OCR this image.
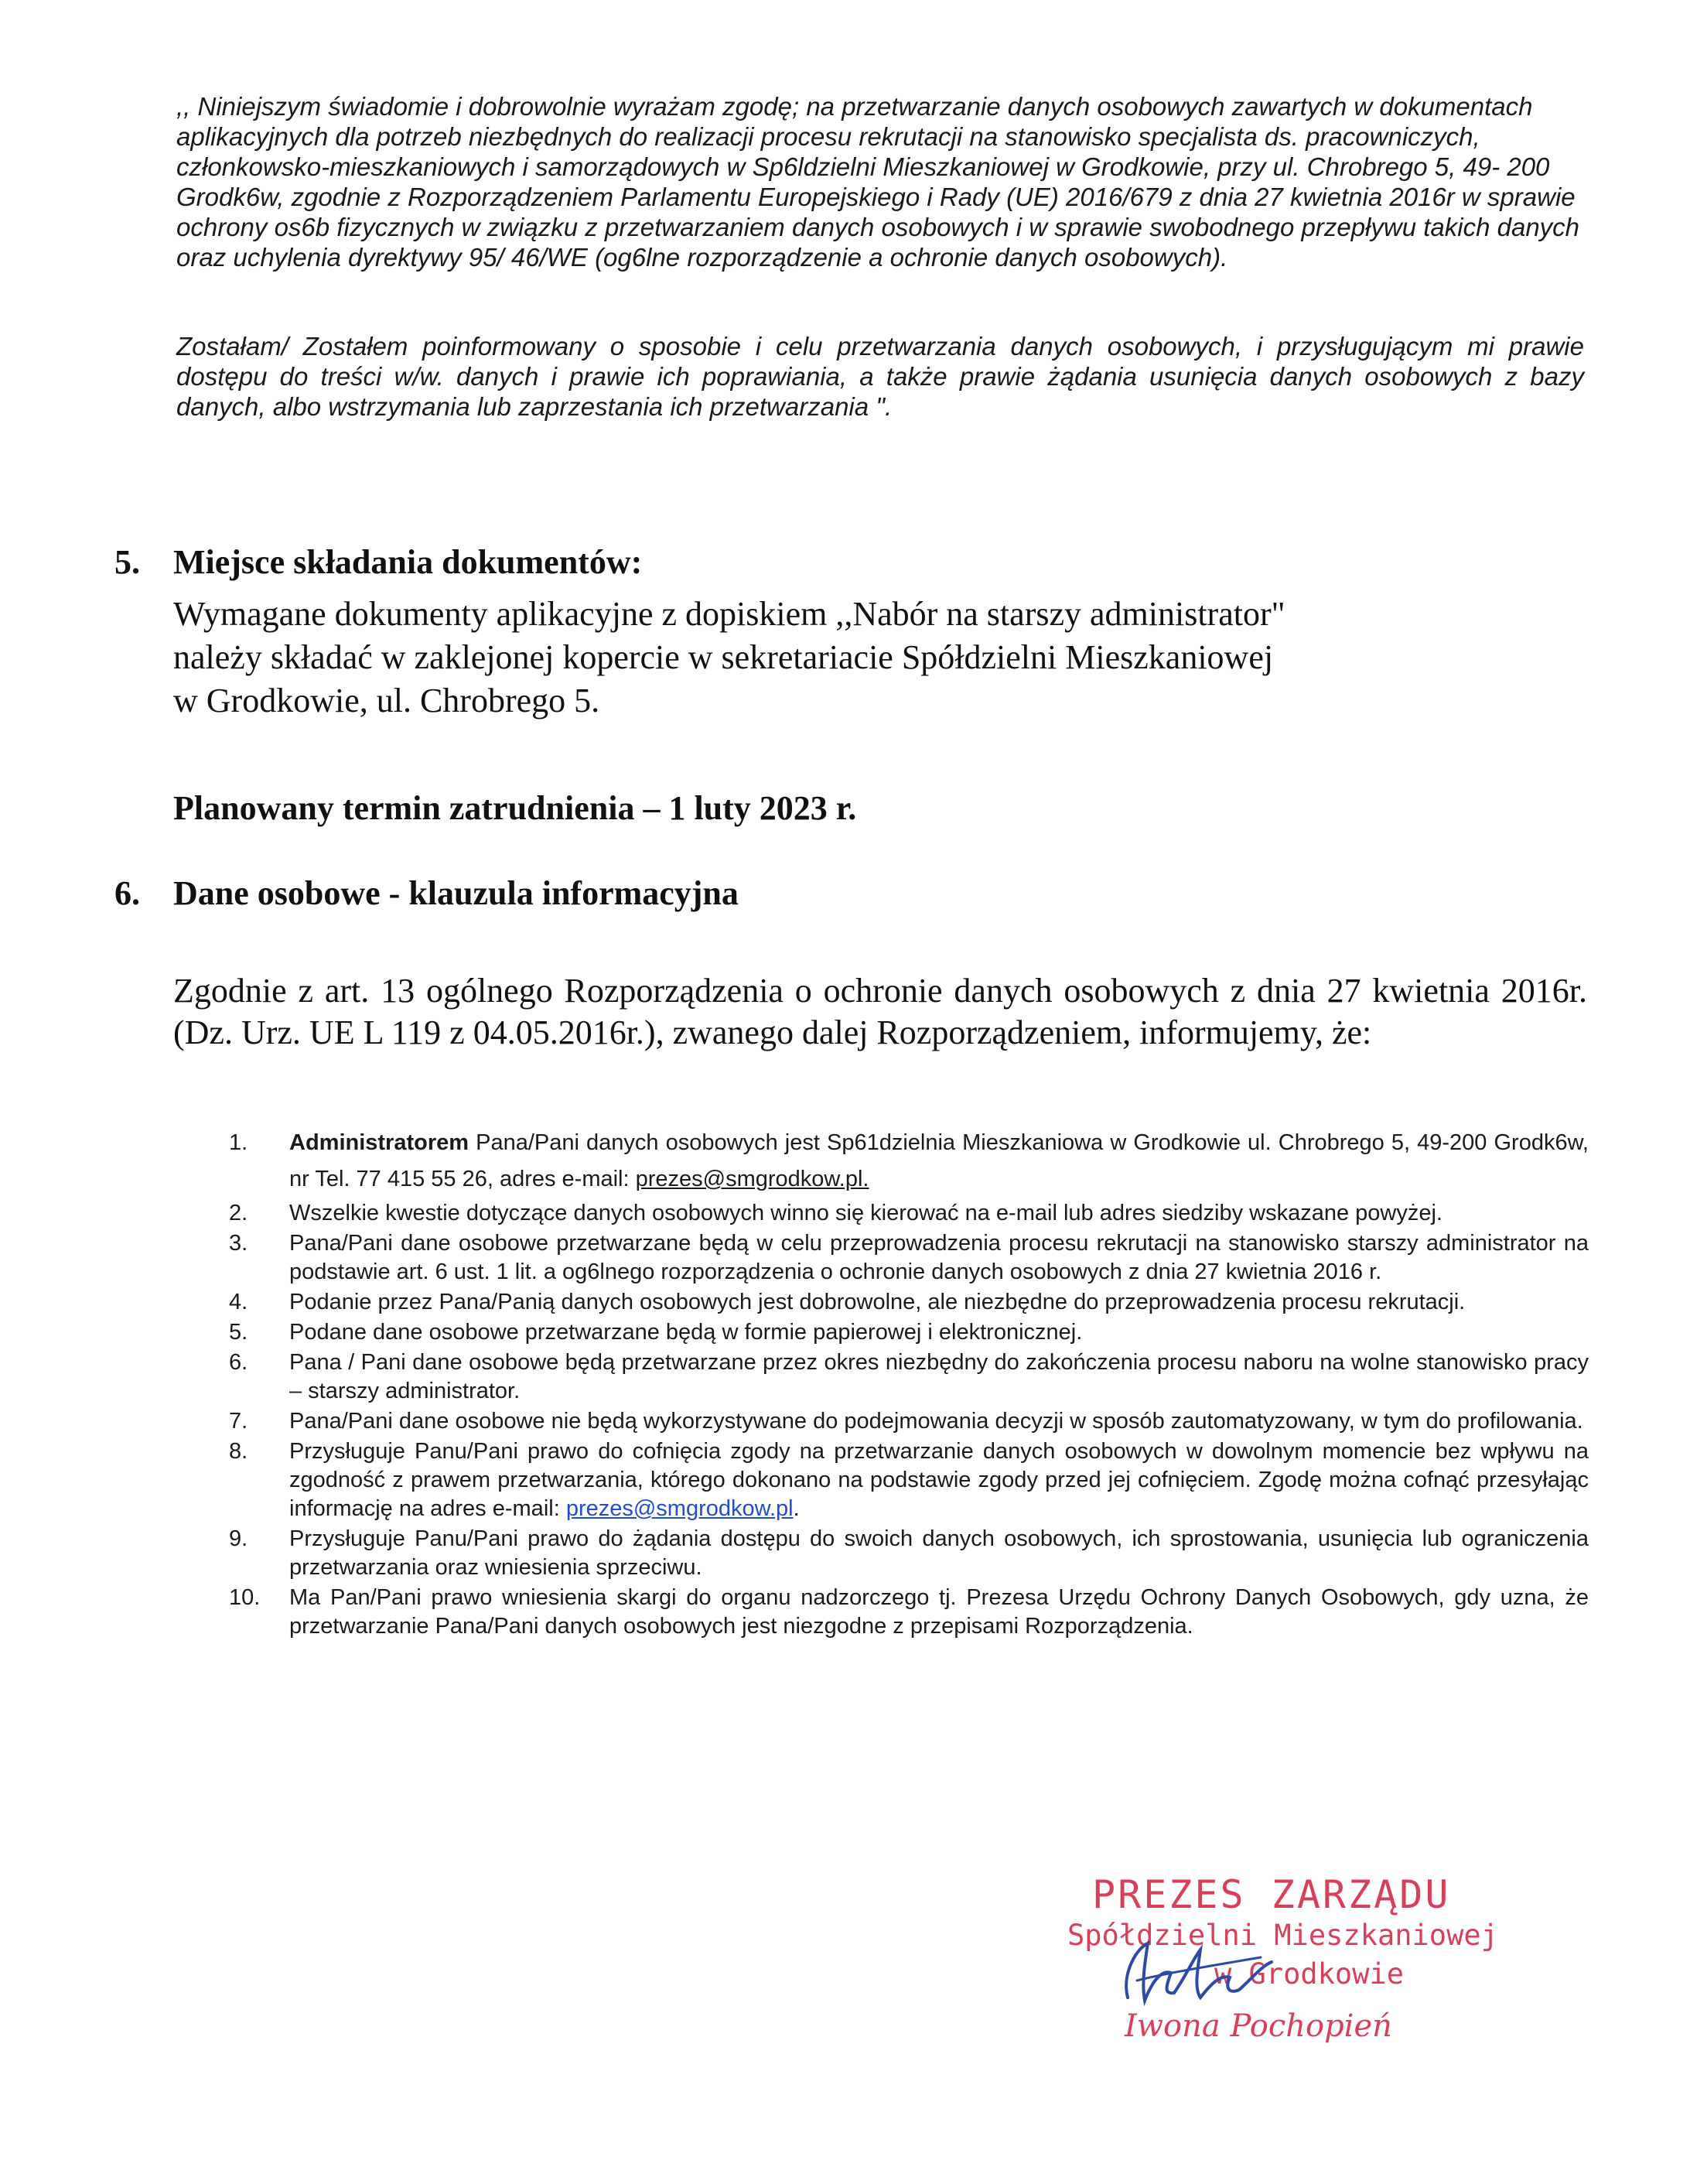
,, Niniejszym świadomie i dobrowolnie wyrażam zgodę; na przetwarzanie danych osobowych zawartych w dokumentach aplikacyjnych dla potrzeb niezbędnych do realizacji procesu rekrutacji na stanowisko specjalista ds. pracowniczych, członkowsko-mieszkaniowych i samorządowych w Sp6ldzielni Mieszkaniowej w Grodkowie, przy ul. Chrobrego 5, 49- 200 Grodk6w, zgodnie z Rozporządzeniem Parlamentu Europejskiego i Rady (UE) 2016/679 z dnia 27 kwietnia 2016r w sprawie ochrony os6b fizycznych w związku z przetwarzaniem danych osobowych i w sprawie swobodnego przepływu takich danych oraz uchylenia dyrektywy 95/ 46/WE (og6lne rozporządzenie a ochronie danych osobowych).

Zostałam/ Zostałem poinformowany o sposobie i celu przetwarzania danych osobowych, i przysługującym mi prawie dostępu do treści w/w. danych i prawie ich poprawiania, a także prawie żądania usunięcia danych osobowych z bazy danych, albo wstrzymania lub zaprzestania ich przetwarzania ".

5. Miejsce składania dokumentów:

Wymagane dokumenty aplikacyjne z dopiskiem ,,Nabór na starszy administrator"

należy składać w zaklejonej kopercie w sekretariacie Spółdzielni Mieszkaniowej

w Grodkowie, ul. Chrobrego 5.

Planowany termin zatrudnienia – 1 luty 2023 r.
6. Dane osobowe - klauzula informacyjna

Zgodnie z art. 13 ogólnego Rozporządzenia o ochronie danych osobowych z dnia 27 kwietnia 2016r.(Dz. Urz. UE L 119 z 04.05.2016r.), zwanego dalej Rozporządzeniem, informujemy, że:

1. Administratorem Pana/Pani danych osobowych jest Sp61dzielnia Mieszkaniowa w Grodkowie ul. Chrobrego 5, 49-200 Grodk6w, nr Tel. 77 415 55 26, adres e-mail: prezes@smgrodkow.pl.
2. Wszelkie kwestie dotyczące danych osobowych winno się kierować na e-mail lub adres siedziby wskazane powyżej.
3. Pana/Pani dane osobowe przetwarzane będą w celu przeprowadzenia procesu rekrutacji na stanowisko starszy administrator na podstawie art. 6 ust. 1 lit. a og6lnego rozporządzenia o ochronie danych osobowych z dnia 27 kwietnia 2016 r.
4. Podanie przez Pana/Panią danych osobowych jest dobrowolne, ale niezbędne do przeprowadzenia procesu rekrutacji.
5. Podane dane osobowe przetwarzane będą w formie papierowej i elektronicznej.
6. Pana / Pani dane osobowe będą przetwarzane przez okres niezbędny do zakończenia procesu naboru na wolne stanowisko pracy – starszy administrator.
7. Pana/Pani dane osobowe nie będą wykorzystywane do podejmowania decyzji w sposób zautomatyzowany, w tym do profilowania.
8. Przysługuje Panu/Pani prawo do cofnięcia zgody na przetwarzanie danych osobowych w dowolnym momencie bez wpływu na zgodność z prawem przetwarzania, którego dokonano na podstawie zgody przed jej cofnięciem. Zgodę można cofnąć przesyłając informację na adres e-mail: prezes@smgrodkow.pl.
9. Przysługuje Panu/Pani prawo do żądania dostępu do swoich danych osobowych, ich sprostowania, usunięcia lub ograniczenia przetwarzania oraz wniesienia sprzeciwu.
10. Ma Pan/Pani prawo wniesienia skargi do organu nadzorczego tj. Prezesa Urzędu Ochrony Danych Osobowych, gdy uzna, że przetwarzanie Pana/Pani danych osobowych jest niezgodne z przepisami Rozporządzenia.
PREZES ZARZĄDU
Spółdzielni Mieszkaniowej
w Grodkowie
Iwona Pochopień
